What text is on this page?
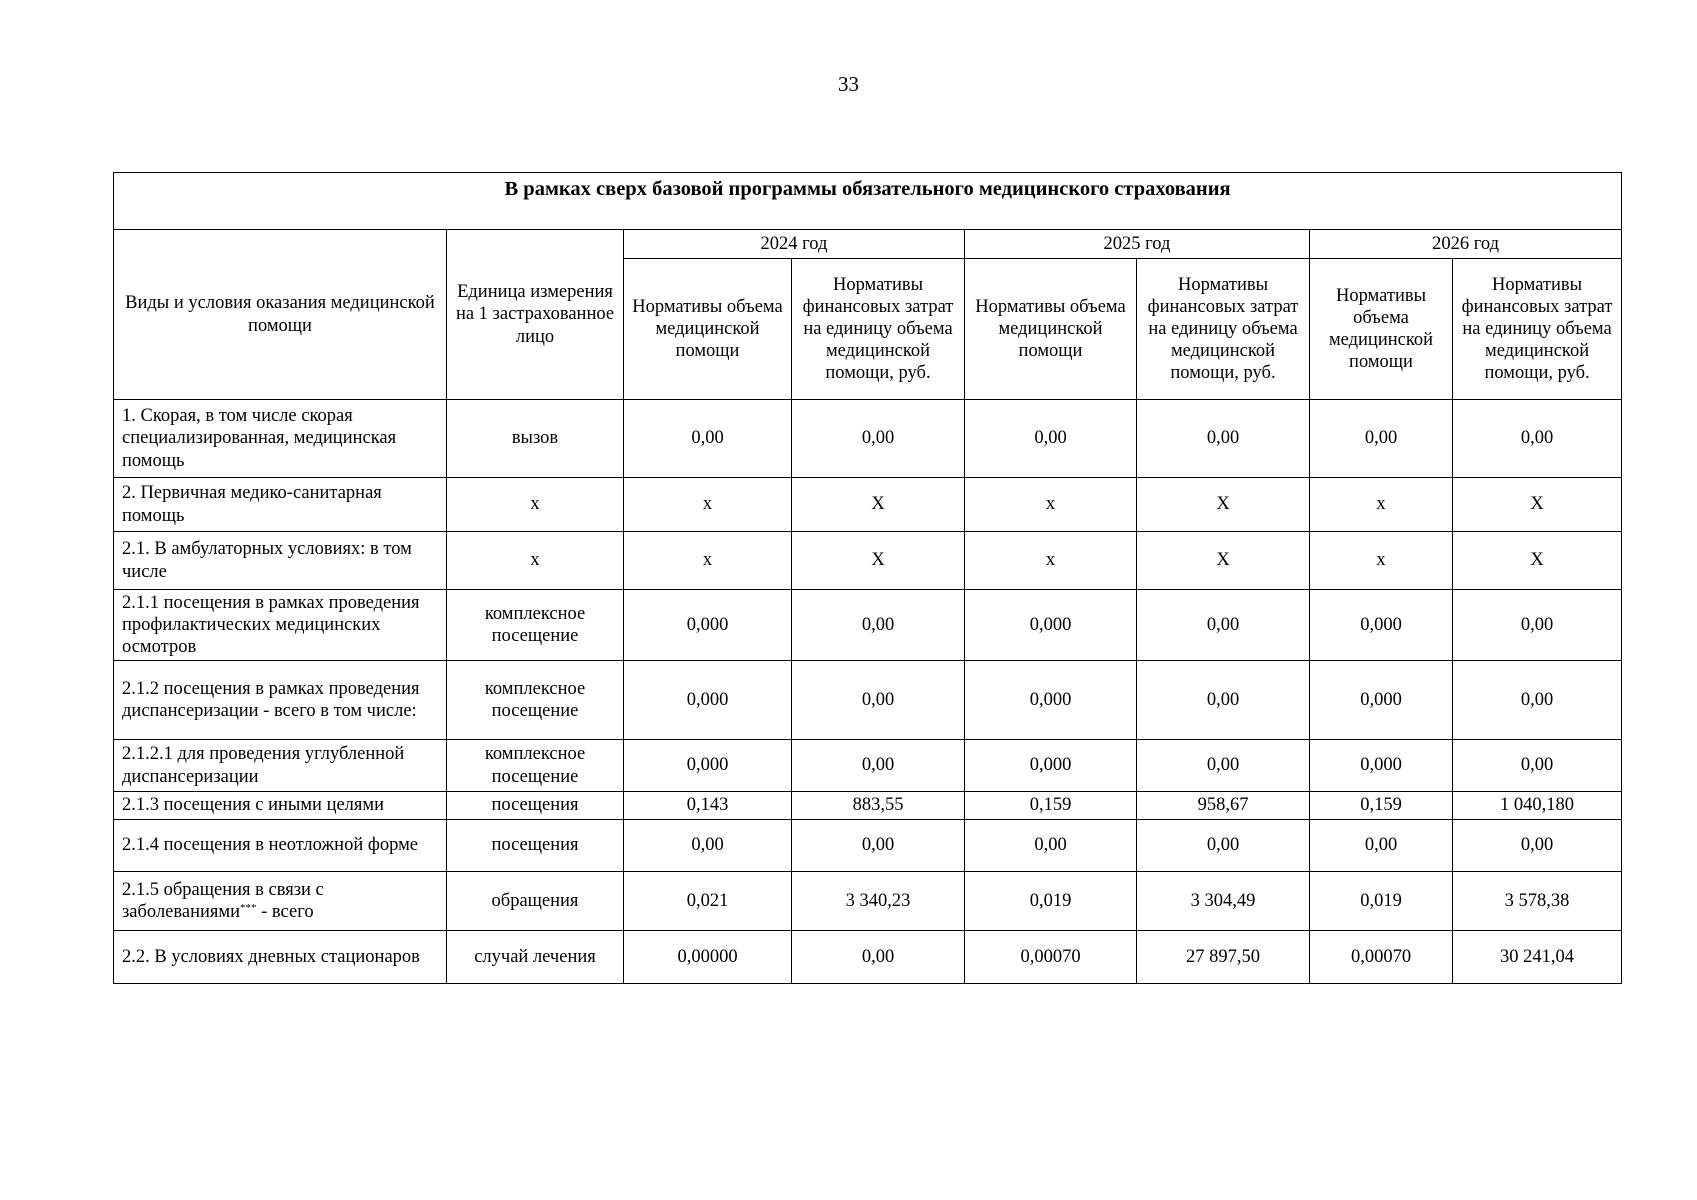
33
В рамках сверх базовой программы обязательного медицинского страхования							
Виды и условия оказания медицинской помощи	Единица измерения на 1 застрахованное лицо	2024 год		2025 год		2026 год	
		Нормативы объема медицинской помощи	Нормативы финансовых затрат на единицу объема медицинской помощи, руб.	Нормативы объема медицинской помощи	Нормативы финансовых затрат на единицу объема медицинской помощи, руб.	Нормативы объема медицинской помощи	Нормативы финансовых затрат на единицу объема медицинской помощи, руб.
1. Скорая, в том числе скорая специализированная, медицинская помощь	вызов	0,00	0,00	0,00	0,00	0,00	0,00
2. Первичная медико-санитарная помощь	х	х	Х	х	Х	х	Х
2.1. В амбулаторных условиях: в том числе	х	х	Х	х	Х	х	Х
2.1.1 посещения в рамках проведения профилактических медицинских осмотров	комплексное посещение	0,000	0,00	0,000	0,00	0,000	0,00
2.1.2 посещения в рамках проведения диспансеризации - всего в том числе:	комплексное посещение	0,000	0,00	0,000	0,00	0,000	0,00
2.1.2.1 для проведения углубленной диспансеризации	комплексное посещение	0,000	0,00	0,000	0,00	0,000	0,00
2.1.3 посещения с иными целями	посещения	0,143	883,55	0,159	958,67	0,159	1 040,180
2.1.4 посещения в неотложной форме	посещения	0,00	0,00	0,00	0,00	0,00	0,00
2.1.5 обращения в связи с заболеваниями*** - всего	обращения	0,021	3 340,23	0,019	3 304,49	0,019	3 578,38
2.2. В условиях дневных стационаров	случай лечения	0,00000	0,00	0,00070	27 897,50	0,00070	30 241,04
